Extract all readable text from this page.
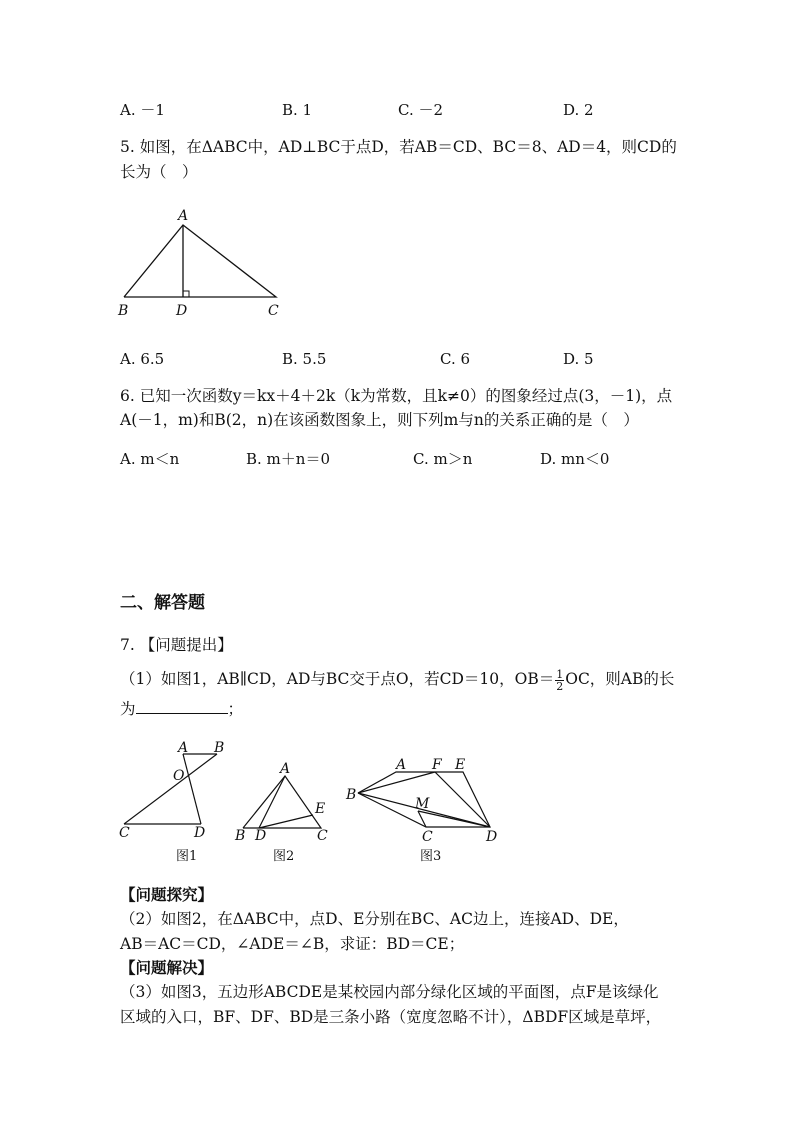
A. －1	B. 1	C. －2	D. 2
5. 如图，在ΔABC中，AD⊥BC于点D，若AB＝CD、BC＝8、AD＝4，则CD的
长为（　）
A
B	D	C
A. 6.5	B. 5.5	C. 6	D. 5
6. 已知一次函数y＝kx＋4＋2k（k为常数，且k≠0）的图象经过点(3，－1)，点
A(－1，m)和B(2，n)在该函数图象上，则下列m与n的关系正确的是（　）
A. m＜n	B. m＋n＝0	C. m＞n	D. mn＜0
二、解答题
7. 【问题提出】
（1）如图1，AB∥CD，AD与BC交于点O，若CD＝10，$OB= \frac{1}{2}$ OC，则AB的长
为	；
A B
O
C	D
图1
A
B D	C
E
图2
A F E
B
M
C	D
图3
【问题探究】
（2）如图2，在ΔABC中，点D、E分别在BC、AC边上，连接AD、DE，
AB＝AC＝CD，∠ADE＝∠B，求证：BD＝CE；
【问题解决】
（3）如图3，五边形ABCDE是某校园内部分绿化区域的平面图，点F是该绿化
区域的入口，BF、DF、BD是三条小路（宽度忽略不计），ΔBDF区域是草坪，
